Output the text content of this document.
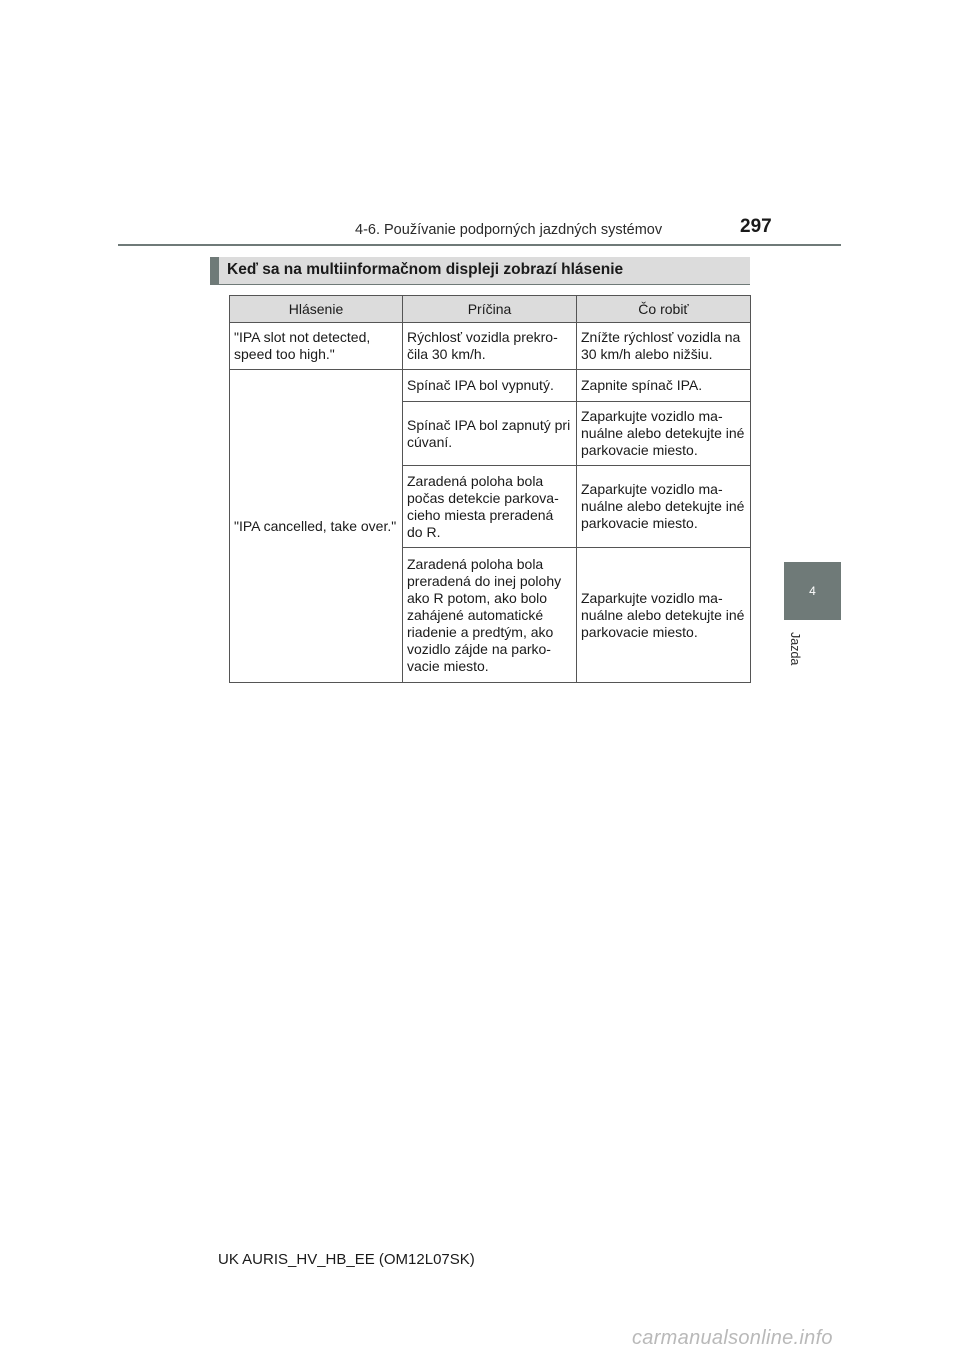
4-6. Používanie podporných jazdných systémov	297
4
Jazda
Keď sa na multiinformačnom displeji zobrazí hlásenie
Hlásenie	Príčina	Čo robiť
"IPA slot not detected, speed too high."	Rýchlosť vozidla prekro-čila 30 km/h.	Znížte rýchlosť vozidla na 30 km/h alebo nižšiu.
"IPA cancelled, take over."	Spínač IPA bol vypnutý.	Zapnite spínač IPA.
	Spínač IPA bol zapnutý pri cúvaní.	Zaparkujte vozidlo ma-nuálne alebo detekujte iné parkovacie miesto.
	Zaradená poloha bola počas detekcie parkova-cieho miesta preradená do R.	Zaparkujte vozidlo ma-nuálne alebo detekujte iné parkovacie miesto.
	Zaradená poloha bola preradená do inej polohy ako R potom, ako bolo zahájené automatické riadenie a predtým, ako vozidlo zájde na parko-vacie miesto.	Zaparkujte vozidlo ma-nuálne alebo detekujte iné parkovacie miesto.
UK AURIS_HV_HB_EE (OM12L07SK)
carmanualsonline.info
